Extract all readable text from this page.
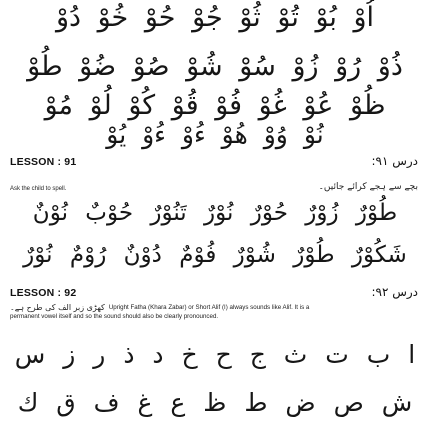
اُوْ بُوْ تُوْ ثُوْ جُوْ حُوْ خُوْ دُوْ
ذُوْ رُوْ زُوْ سُوْ شُوْ صُوْ ضُوْ طُوْ
ظُوْ عُوْ غُوْ فُوْ قُوْ كُوْ لُوْ مُوْ
نُوْ وُوْ هُوْ ءُوْ ءُوْ يُوْ
LESSON : 91	درس ٩١:
Ask the child to spell.	بچے سے ہجے کرائے جائیں۔
طُوْرٌ زُوْرٌ حُوْرٌ نُوْرٌ تَنُوْرٌ حُوْبٌ نُوْنٌ
شَكُوْرٌ طُوْرٌ شُوْرٌ فُوْمٌ دُوْنٌ رُوْمٌ نُوْرٌ
LESSON : 92	درس ٩٢:
Upright Fatha (Khara Zabar) or Short Alif (ا) always sounds like Alif. It is a
کھڑی زبر الف کی طرح ہے۔
permanent vowel itself and so the sound should also be clearly pronounced.
ا ب ت ث ج ح خ د ذ ر ز س
ش ص ض ط ظ ع غ ف ق ك
